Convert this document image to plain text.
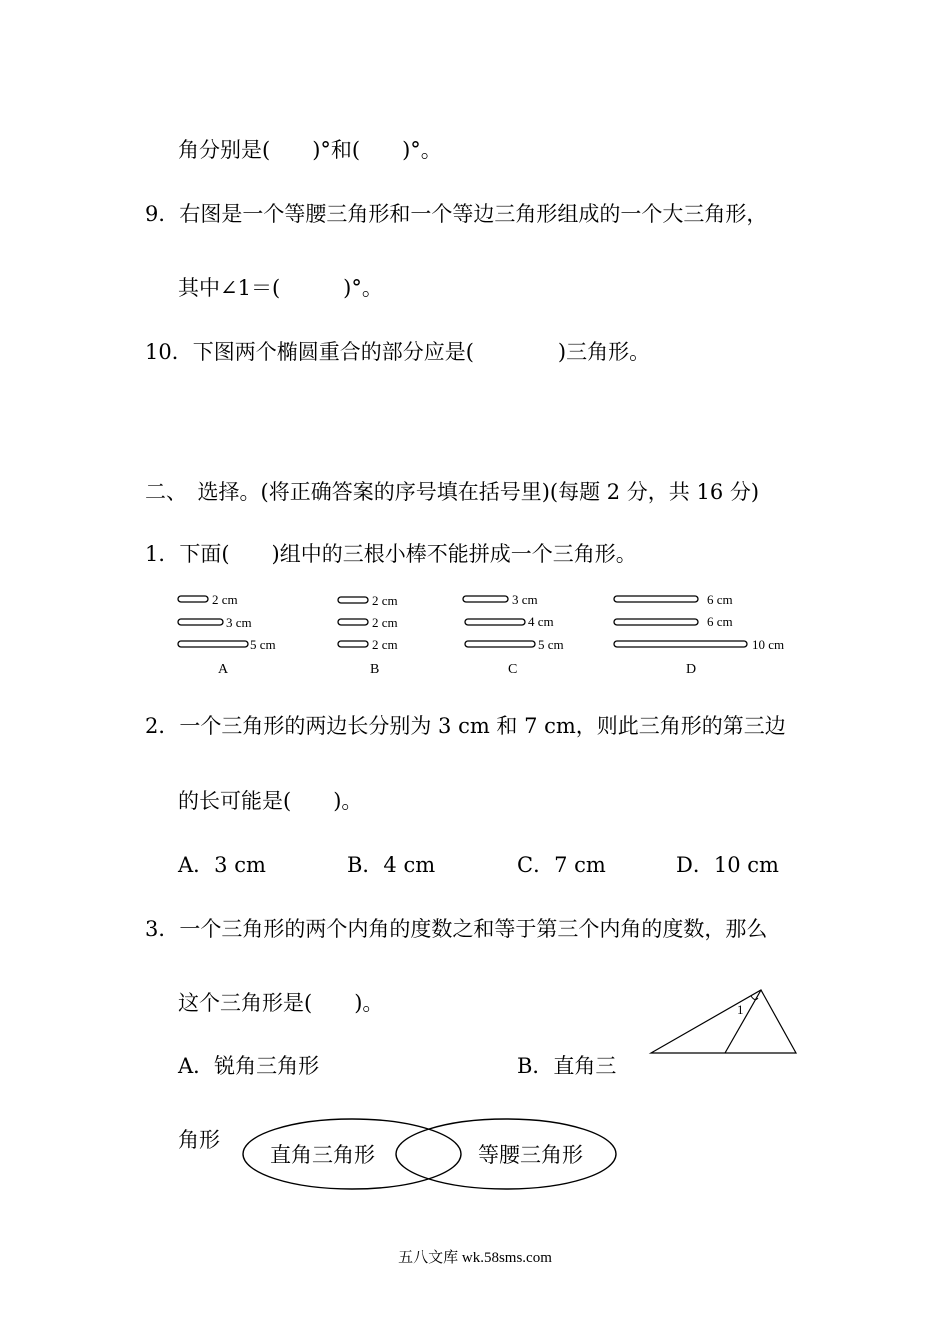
角分别是(　　)°和(　　)°。
9．右图是一个等腰三角形和一个等边三角形组成的一个大三角形，
其中∠1＝(　　　)°。
10．下图两个椭圆重合的部分应是(　　　　)三角形。
二、　选择。(将正确答案的序号填在括号里)(每题 2 分，共 16 分)
1．下面(　　)组中的三根小棒不能拼成一个三角形。
2 cm
3 cm
5 cm
A
2 cm
2 cm
2 cm
B
3 cm
4 cm
5 cm
C
6 cm
6 cm
10 cm
D
2．一个三角形的两边长分别为 3 cm 和 7 cm，则此三角形的第三边
的长可能是(　　)。
A．3 cm	B．4 cm	C．7 cm	D．10 cm
3．一个三角形的两个内角的度数之和等于第三个内角的度数，那么
这个三角形是(　　)。
A．锐角三角形	B．直角三
角形
1
直角三角形	等腰三角形
五八文库 wk.58sms.com
